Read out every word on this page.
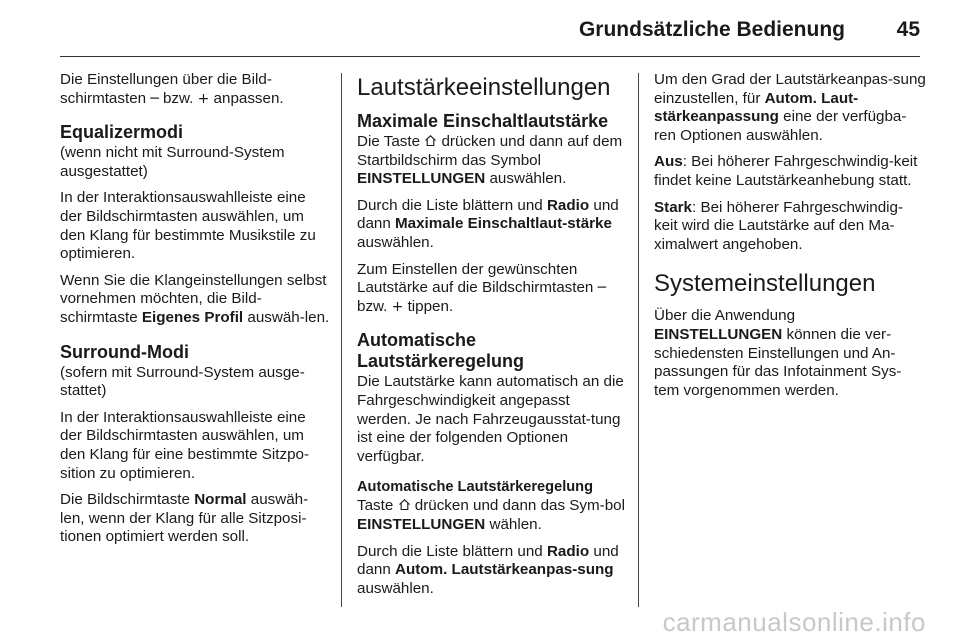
Grundsätzliche Bedienung 45

Die Einstellungen über die Bild-schirmtasten ─ bzw. + anpassen.

Equalizermodi

(wenn nicht mit Surround-System ausgestattet)

In der Interaktionsauswahlleiste eine der Bildschirmtasten auswählen, um den Klang für bestimmte Musikstile zu optimieren.

Wenn Sie die Klangeinstellungen selbst vornehmen möchten, die Bild-schirmtaste Eigenes Profil auswäh-len.

Surround-Modi

(sofern mit Surround-System ausge-stattet)

In der Interaktionsauswahlleiste eine der Bildschirmtasten auswählen, um den Klang für eine bestimmte Sitzpo-sition zu optimieren.

Die Bildschirmtaste Normal auswäh-len, wenn der Klang für alle Sitzposi-tionen optimiert werden soll.

Lautstärkeeinstellungen
Maximale Einschaltlautstärke

Die Taste  drücken und dann auf dem Startbildschirm das Symbol EINSTELLUNGEN auswählen.

Durch die Liste blättern und Radio und dann Maximale Einschaltlaut-stärke auswählen.

Zum Einstellen der gewünschten Lautstärke auf die Bildschirmtasten ─ bzw. + tippen.

Automatische Lautstärkeregelung

Die Lautstärke kann automatisch an die Fahrgeschwindigkeit angepasst werden. Je nach Fahrzeugausstat-tung ist eine der folgenden Optionen verfügbar.

Automatische Lautstärkeregelung

Taste  drücken und dann das Sym-bol EINSTELLUNGEN wählen.

Durch die Liste blättern und Radio und dann Autom. Lautstärkeanpas-sung auswählen.

Um den Grad der Lautstärkeanpas-sung einzustellen, für Autom. Laut-stärkeanpassung eine der verfügba-ren Optionen auswählen.

Aus: Bei höherer Fahrgeschwindig-keit findet keine Lautstärkeanhebung statt.

Stark: Bei höherer Fahrgeschwindig-keit wird die Lautstärke auf den Ma-ximalwert angehoben.

Systemeinstellungen

Über die Anwendung EINSTELLUNGEN können die ver-schiedensten Einstellungen und An-passungen für das Infotainment Sys-tem vorgenommen werden.

carmanualsonline.info
